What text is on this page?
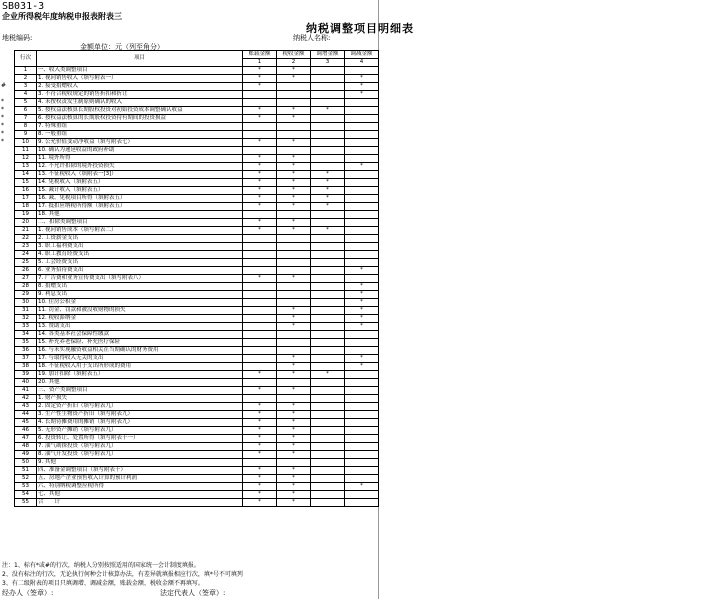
SB031-3
企业所得税年度纳税申报表附表三
纳税调整项目明细表
地税编码:	纳税人名称:
金额单位：元（列至角分）
#
*
*
*
*
*
*
行次	项目	账载金额	税收金额	调增金额	调减金额
		1	2	3	4
1	一、收入类调整项目	*	*		
2	1. 视同销售收入（填写附表一）	*	*		*
3	2. 接受捐赠收入	*			*
4	3. 不符合税收规定的销售折扣和折让				*
5	4. 未按权责发生制原则确认的收入				
6	5. 按权益法核算长期股权投资对初始投资成本调整确认收益	*	*	*	
7	6. 按权益法核算的长期股权投资持有期间的投资损益	*	*		
8	7. 特殊重组				
9	8. 一般重组				
10	9. 公允价值变动净收益（填写附表七）	*	*		
11	10. 确认为递延收益的政府补助				
12	11. 境外所得	*	*		
13	12. 不允许扣除的境外投资损失	*	*		*
14	13. 不征税收入（填附表一[3]）	*	*	*	
15	14. 免税收入（填附表五）	*	*	*	
16	15. 减计收入（填附表五）	*	*	*	
17	16. 减、免税项目所得（填附表五）	*	*	*	
18	17. 抵扣应纳税所得额（填附表五）	*	*	*	
19	18. 其他				
20	二、扣除类调整项目	*	*		
21	1. 视同销售成本（填写附表二）	*	*	*	
22	2. 工资薪金支出				
23	3. 职工福利费支出				
24	4. 职工教育经费支出				
25	5. 工会经费支出				
26	6. 业务招待费支出				*
27	7. 广告费和业务宣传费支出（填写附表八）	*	*		
28	8. 捐赠支出				*
29	9. 利息支出				*
30	10. 住房公积金				*
31	11. 罚金、罚款和被没收财物的损失		*		*
32	12. 税收滞纳金		*		*
33	13. 赞助支出		*		*
34	14. 各类基本社会保障性缴款				
35	15. 补充养老保险、补充医疗保险				
36	16. 与未实现融资收益相关在当期确认的财务费用				
37	17. 与取得收入无关的支出		*		*
38	18. 不征税收入用于支出所形成的费用		*		*
39	19. 加计扣除（填附表五）	*	*	*	
40	20. 其他				
41	三、资产类调整项目	*	*		
42	1. 财产损失				
43	2. 固定资产折旧（填写附表九）	*	*		
44	3. 生产性生物资产折旧（填写附表九）	*	*		
45	4. 长期待摊费用的摊销（填写附表九）	*	*		
46	5. 无形资产摊销（填写附表九）	*	*		
47	6. 投资转让、处置所得（填写附表十一）	*	*		
48	7. 油气勘探投资（填写附表九）	*	*		
49	8. 油气开发投资（填写附表九）	*	*		
50	9. 其他				
51	四、准备金调整项目（填写附表十）	*	*		
52	五、房地产企业预售收入计算的预计利润	*	*		
53	六、特别纳税调整应税所得	*	*		*
54	七、其他	*	*		
55	合　　计	*	*		
注：1、标有*或#的行次，纳税人分别按照适用的国家统一会计制度填报。
2、没有标注的行次，无论执行何种会计核算办法，有差异就填报相应行次，填*号不可填列
3、有二级附表的项目只填调增、调减金额，账载金额、税收金额不再填写。
经办人（签章）:	法定代表人（签章）:
